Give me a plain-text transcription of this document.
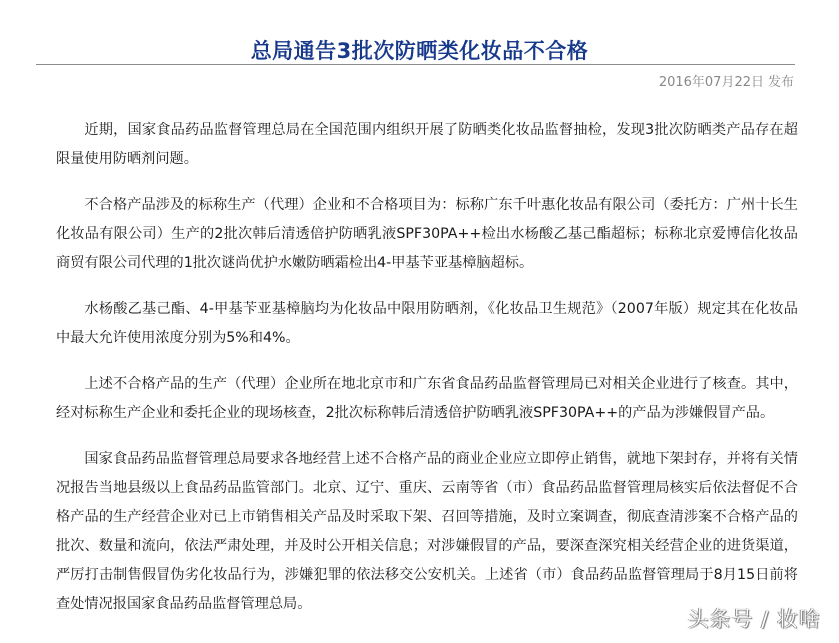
总局通告3批次防晒类化妆品不合格
2016年07月22日 发布

近期，国家食品药品监督管理总局在全国范围内组织开展了防晒类化妆品监督抽检，发现3批次防晒类产品存在超限量使用防晒剂问题。

不合格产品涉及的标称生产（代理）企业和不合格项目为：标称广东千叶惠化妆品有限公司（委托方：广州十长生化妆品有限公司）生产的2批次韩后清透倍护防晒乳液SPF30PA++检出水杨酸乙基己酯超标；标称北京爱博信化妆品商贸有限公司代理的1批次谜尚优护水嫩防晒霜检出4-甲基苄亚基樟脑超标。

水杨酸乙基己酯、4-甲基苄亚基樟脑均为化妆品中限用防晒剂，《化妆品卫生规范》（2007年版）规定其在化妆品中最大允许使用浓度分别为5%和4%。

上述不合格产品的生产（代理）企业所在地北京市和广东省食品药品监督管理局已对相关企业进行了核查。其中，经对标称生产企业和委托企业的现场核查，2批次标称韩后清透倍护防晒乳液SPF30PA++的产品为涉嫌假冒产品。

国家食品药品监督管理总局要求各地经营上述不合格产品的商业企业应立即停止销售，就地下架封存，并将有关情况报告当地县级以上食品药品监管部门。北京、辽宁、重庆、云南等省（市）食品药品监督管理局核实后依法督促不合格产品的生产经营企业对已上市销售相关产品及时采取下架、召回等措施，及时立案调查，彻底查清涉案不合格产品的批次、数量和流向，依法严肃处理，并及时公开相关信息；对涉嫌假冒的产品，要深查深究相关经营企业的进货渠道，严厉打击制售假冒伪劣化妆品行为，涉嫌犯罪的依法移交公安机关。上述省（市）食品药品监督管理局于8月15日前将查处情况报国家食品药品监督管理总局。

头条号 / 妆啥
